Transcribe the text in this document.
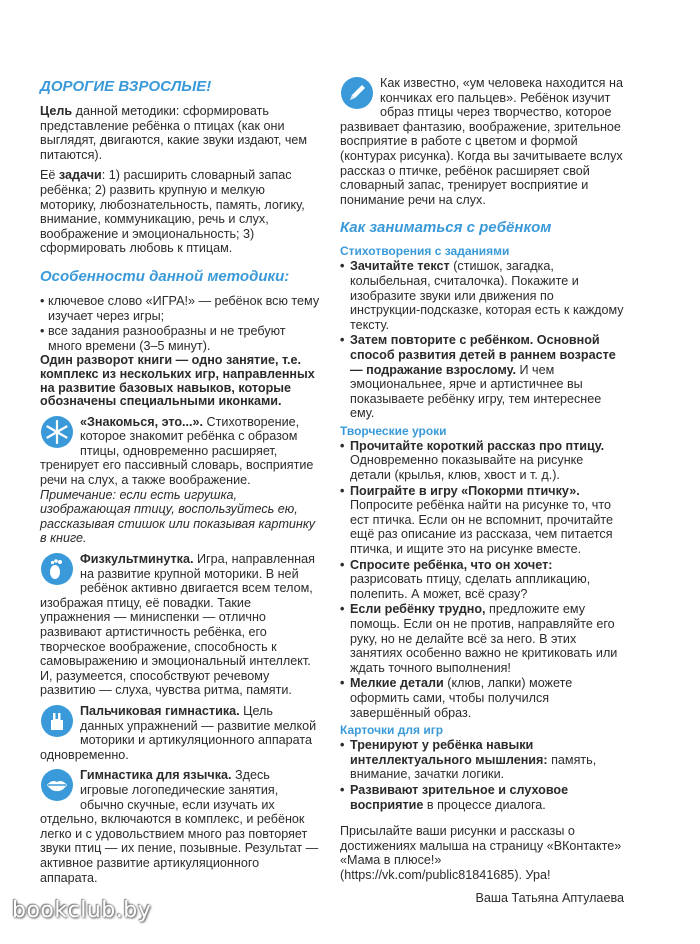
ДОРОГИЕ ВЗРОСЛЫЕ!

Цель данной методики: сформировать представление ребёнка о птицах (как они выглядят, двигаются, какие звуки издают, чем питаются).

Её задачи: 1) расширить словарный запас ребёнка; 2) развить крупную и мелкую моторику, любознательность, память, логику, внимание, коммуникацию, речь и слух, воображение и эмоциональность; 3) сформировать любовь к птицам.

Особенности данной методики:

• ключевое слово «ИГРА!» — ребёнок всю тему изучает через игры;

• все задания разнообразны и не требуют много времени (3–5 минут).

Один разворот книги — одно занятие, т.е. комплекс из нескольких игр, направленных на развитие базовых навыков, которые обозначены специальными иконками.

«Знакомься, это...». Стихотворение, которое знакомит ребёнка с образом птицы, одновременно расширяет, тренирует его пассивный словарь, восприятие речи на слух, а также воображение.
Примечание: если есть игрушка, изображающая птицу, воспользуйтесь ею, рассказывая стишок или показывая картинку в книге.
Физкультминутка. Игра, направленная на развитие крупной моторики. В ней ребёнок активно двигается всем телом, изображая птицу, её повадки. Такие упражнения — миниспенки — отлично развивают артистичность ребёнка, его творческое воображение, способность к самовыражению и эмоциональный интеллект. И, разумеется, способствуют речевому развитию — слуха, чувства ритма, памяти.
Пальчиковая гимнастика. Цель данных упражнений — развитие мелкой моторики и артикуляционного аппарата одновременно.
Гимнастика для язычка. Здесь игровые логопедические занятия, обычно скучные, если изучать их отдельно, включаются в комплекс, и ребёнок легко и с удовольствием много раз повторяет звуки птиц — их пение, позывные. Результат — активное развитие артикуляционного аппарата.
Как известно, «ум человека находится на кончиках его пальцев». Ребёнок изучит образ птицы через творчество, которое развивает фантазию, воображение, зрительное восприятие в работе с цветом и формой (контурах рисунка). Когда вы зачитываете вслух рассказ о птичке, ребёнок расширяет свой словарный запас, тренирует восприятие и понимание речи на слух.
Как заниматься с ребёнком
Стихотворения с заданиями

• Зачитайте текст (стишок, загадка, колыбельная, считалочка). Покажите и изобразите звуки или движения по инструкции-подсказке, которая есть к каждому тексту.

• Затем повторите с ребёнком. Основной способ развития детей в раннем возрасте — подражание взрослому. И чем эмоциональнее, ярче и артистичнее вы показываете ребёнку игру, тем интереснее ему.

Творческие уроки

• Прочитайте короткий рассказ про птицу. Одновременно показывайте на рисунке детали (крылья, клюв, хвост и т. д.).

• Поиграйте в игру «Покорми птичку». Попросите ребёнка найти на рисунке то, что ест птичка. Если он не вспомнит, прочитайте ещё раз описание из рассказа, чем питается птичка, и ищите это на рисунке вместе.

• Спросите ребёнка, что он хочет: разрисовать птицу, сделать аппликацию, полепить. А может, всё сразу?

• Если ребёнку трудно, предложите ему помощь. Если он не против, направляйте его руку, но не делайте всё за него. В этих занятиях особенно важно не критиковать или ждать точного выполнения!

• Мелкие детали (клюв, лапки) можете оформить сами, чтобы получился завершённый образ.

Карточки для игр

• Тренируют у ребёнка навыки интеллектуального мышления: память, внимание, зачатки логики.

• Развивают зрительное и слуховое восприятие в процессе диалога.

Присылайте ваши рисунки и рассказы о достижениях малыша на страницу «ВКонтакте» «Мама в плюсе!» (https://vk.com/public81841685). Ура!

Ваша Татьяна Аптулаева

bookclub.by
